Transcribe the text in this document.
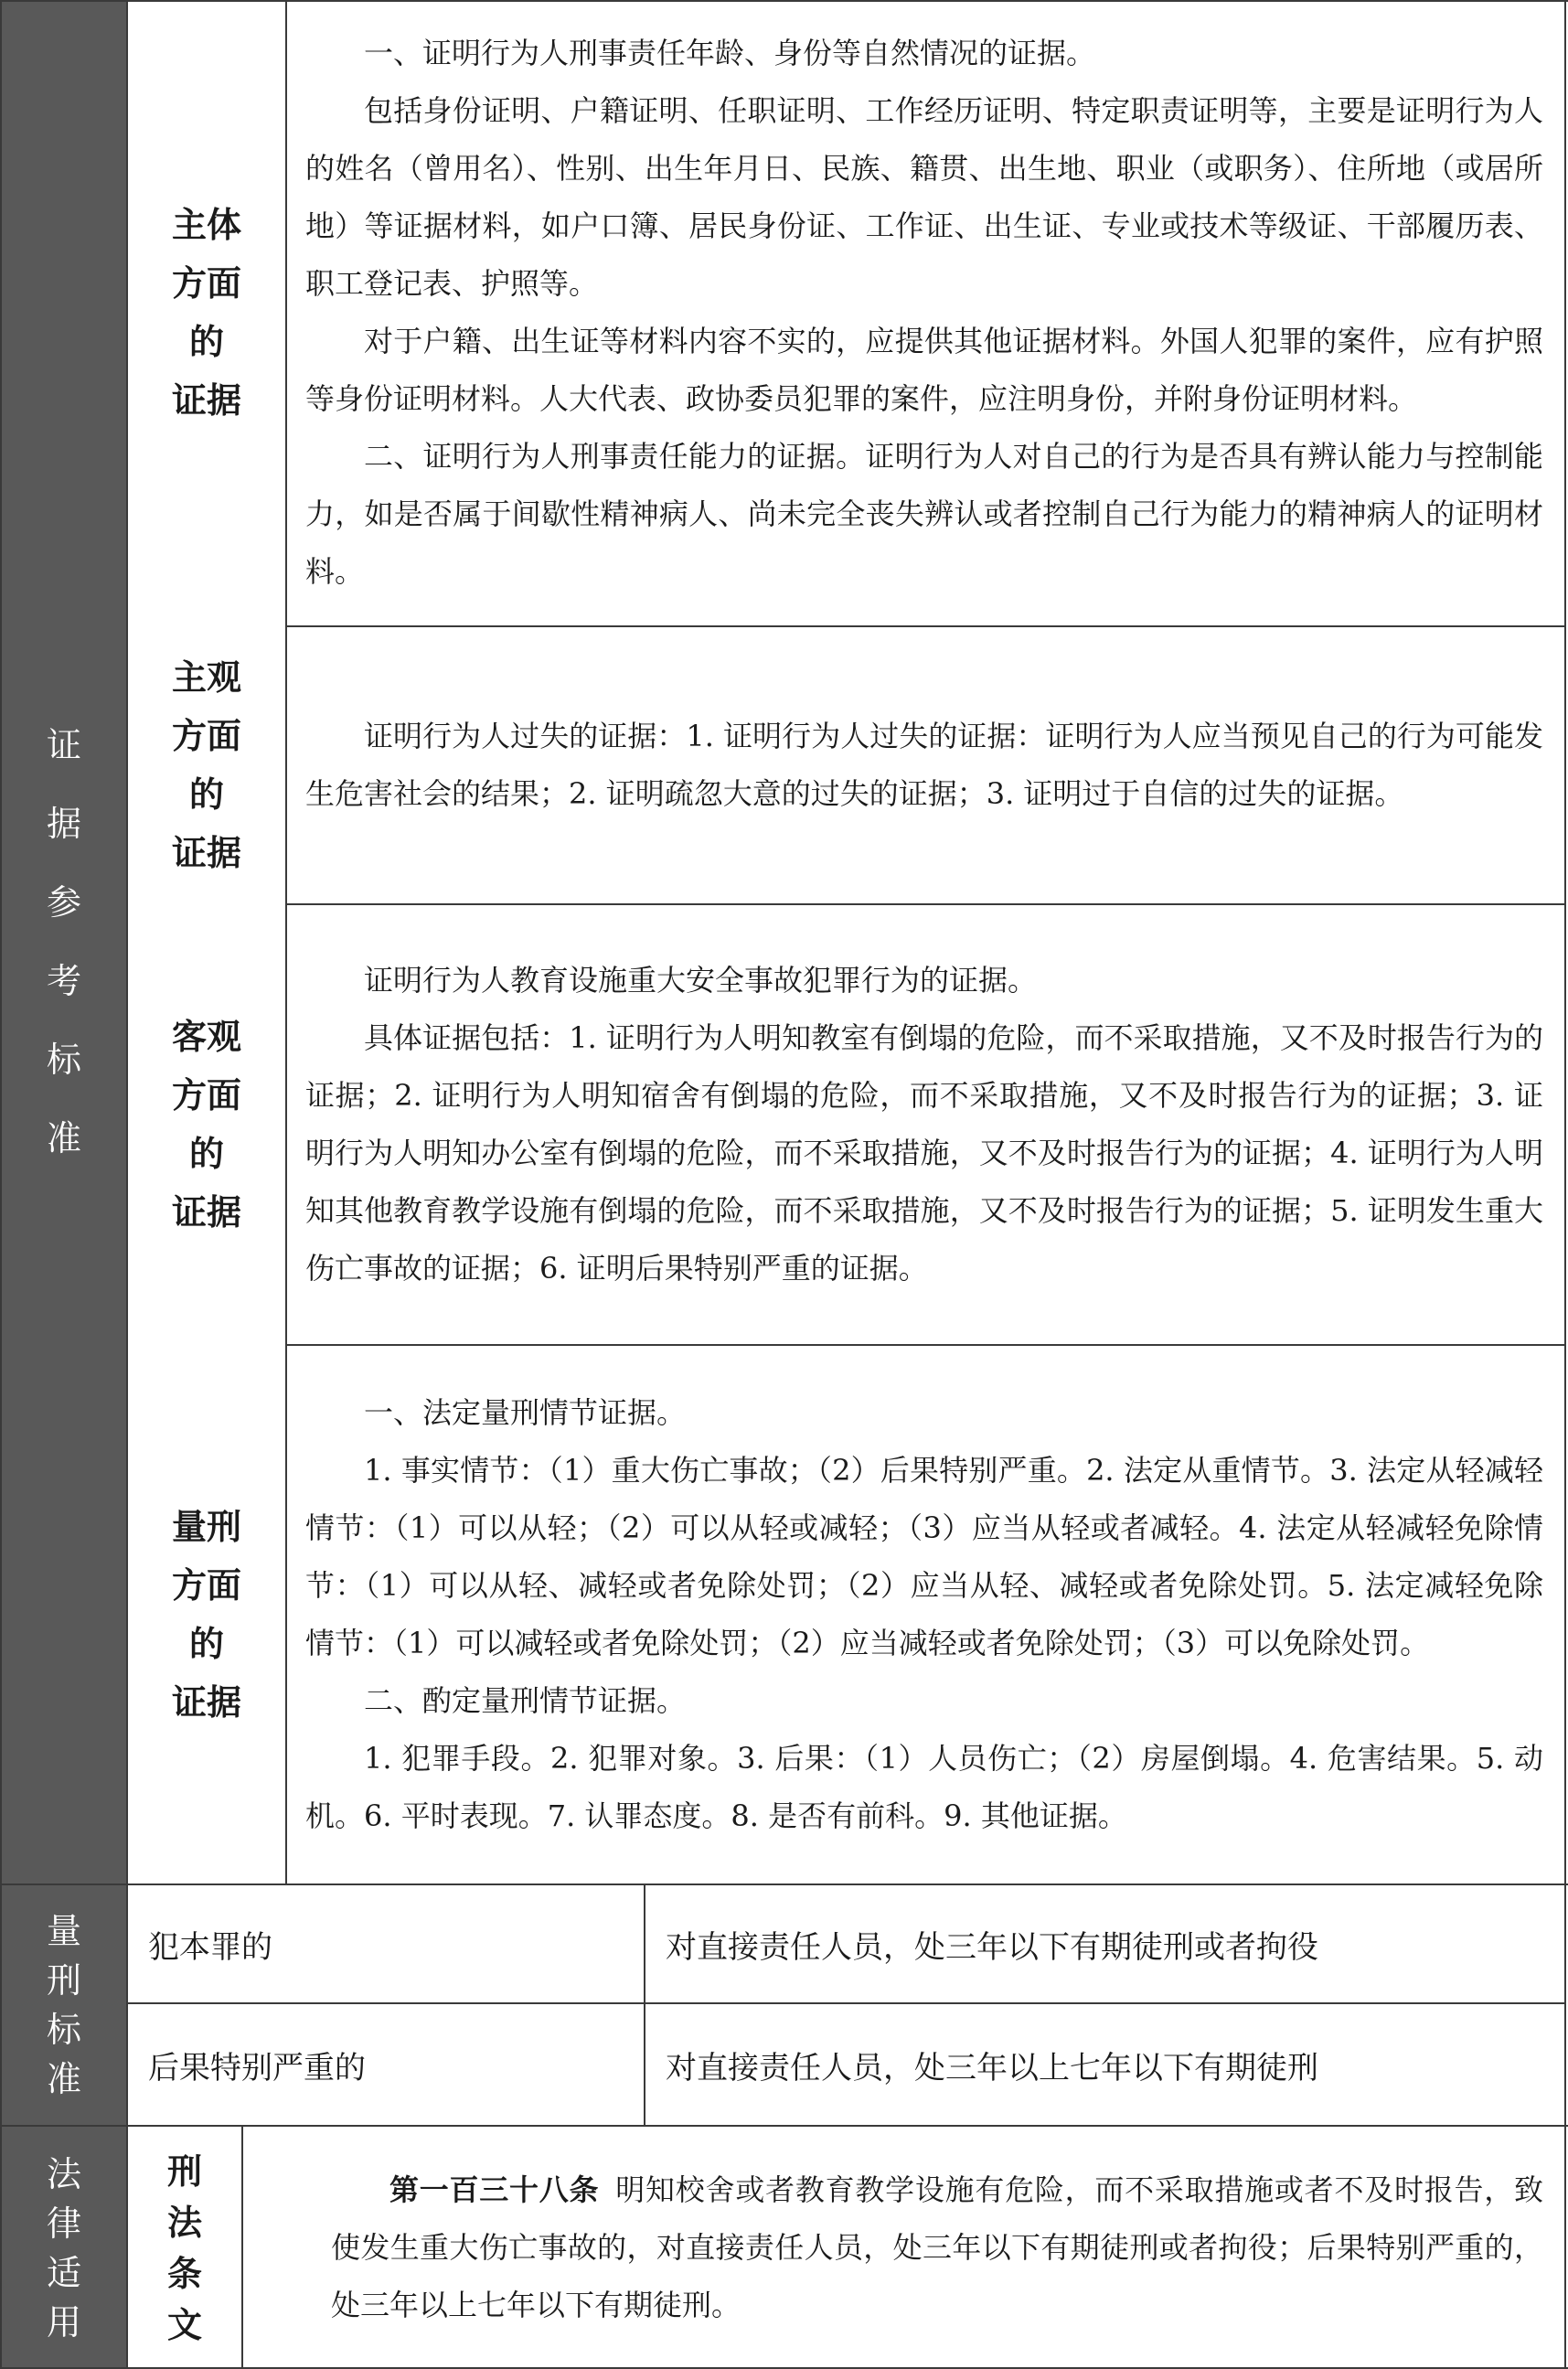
证
据
参
考
标
准
主体
方面
的
证据

一、证明行为人刑事责任年龄、身份等自然情况的证据。

包括身份证明、户籍证明、任职证明、工作经历证明、特定职责证明等，主要是证明行为人的姓名（曾用名）、性别、出生年月日、民族、籍贯、出生地、职业（或职务）、住所地（或居所地）等证据材料，如户口簿、居民身份证、工作证、出生证、专业或技术等级证、干部履历表、职工登记表、护照等。

对于户籍、出生证等材料内容不实的，应提供其他证据材料。外国人犯罪的案件，应有护照等身份证明材料。人大代表、政协委员犯罪的案件，应注明身份，并附身份证明材料。

二、证明行为人刑事责任能力的证据。证明行为人对自己的行为是否具有辨认能力与控制能力，如是否属于间歇性精神病人、尚未完全丧失辨认或者控制自己行为能力的精神病人的证明材料。

主观
方面
的
证据

证明行为人过失的证据：1. 证明行为人过失的证据：证明行为人应当预见自己的行为可能发生危害社会的结果；2. 证明疏忽大意的过失的证据；3. 证明过于自信的过失的证据。

客观
方面
的
证据

证明行为人教育设施重大安全事故犯罪行为的证据。

具体证据包括：1. 证明行为人明知教室有倒塌的危险，而不采取措施，又不及时报告行为的证据；2. 证明行为人明知宿舍有倒塌的危险，而不采取措施，又不及时报告行为的证据；3. 证明行为人明知办公室有倒塌的危险，而不采取措施，又不及时报告行为的证据；4. 证明行为人明知其他教育教学设施有倒塌的危险，而不采取措施，又不及时报告行为的证据；5. 证明发生重大伤亡事故的证据；6. 证明后果特别严重的证据。

量刑
方面
的
证据

一、法定量刑情节证据。

1. 事实情节：（1）重大伤亡事故；（2）后果特别严重。2. 法定从重情节。3. 法定从轻减轻情节：（1）可以从轻；（2）可以从轻或减轻；（3）应当从轻或者减轻。4. 法定从轻减轻免除情节：（1）可以从轻、减轻或者免除处罚；（2）应当从轻、减轻或者免除处罚。5. 法定减轻免除情节：（1）可以减轻或者免除处罚；（2）应当减轻或者免除处罚；（3）可以免除处罚。

二、酌定量刑情节证据。

1. 犯罪手段。2. 犯罪对象。3. 后果：（1）人员伤亡；（2）房屋倒塌。4. 危害结果。5. 动机。6. 平时表现。7. 认罪态度。8. 是否有前科。9. 其他证据。

量
刑
标
准
犯本罪的	对直接责任人员，处三年以下有期徒刑或者拘役
后果特别严重的	对直接责任人员，处三年以上七年以下有期徒刑
法
律
适
用
刑
法
条
文

第一百三十八条 明知校舍或者教育教学设施有危险，而不采取措施或者不及时报告，致使发生重大伤亡事故的，对直接责任人员，处三年以下有期徒刑或者拘役；后果特别严重的，处三年以上七年以下有期徒刑。
